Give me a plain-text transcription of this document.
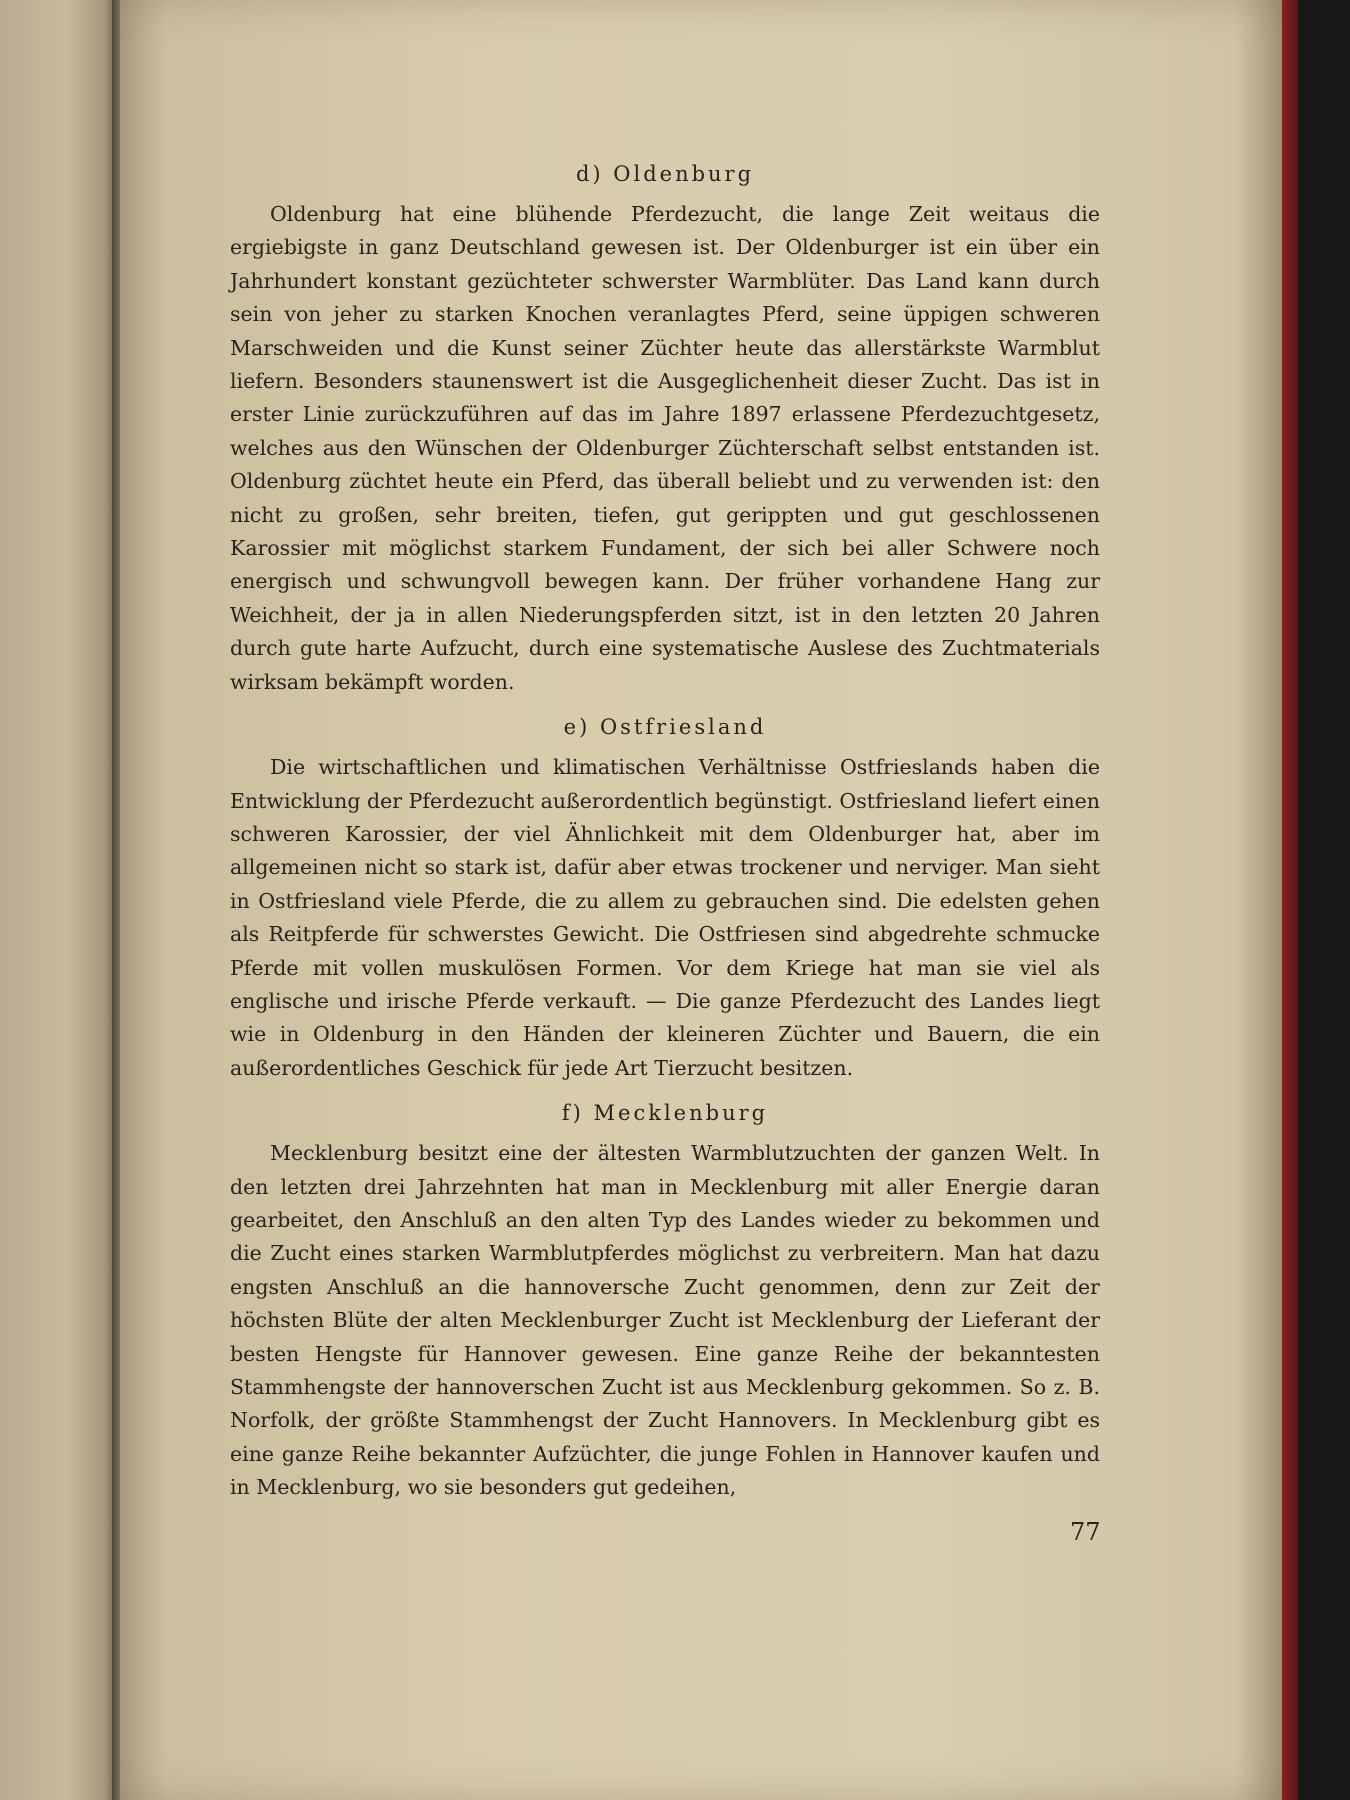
d) Oldenburg

Oldenburg hat eine blühende Pferdezucht, die lange Zeit weitaus die ergiebigste in ganz Deutschland gewesen ist. Der Oldenburger ist ein über ein Jahrhundert konstant gezüchteter schwerster Warmblüter. Das Land kann durch sein von jeher zu starken Knochen veranlagtes Pferd, seine üppigen schweren Marschweiden und die Kunst seiner Züchter heute das allerstärkste Warmblut liefern. Besonders staunenswert ist die Ausgeglichenheit dieser Zucht. Das ist in erster Linie zurückzuführen auf das im Jahre 1897 erlassene Pferdezuchtgesetz, welches aus den Wünschen der Oldenburger Züchterschaft selbst entstanden ist. Oldenburg züchtet heute ein Pferd, das überall beliebt und zu verwenden ist: den nicht zu großen, sehr breiten, tiefen, gut gerippten und gut geschlossenen Karossier mit möglichst starkem Fundament, der sich bei aller Schwere noch energisch und schwungvoll bewegen kann. Der früher vorhandene Hang zur Weichheit, der ja in allen Niederungspferden sitzt, ist in den letzten 20 Jahren durch gute harte Aufzucht, durch eine systematische Auslese des Zuchtmaterials wirksam bekämpft worden.

e) Ostfriesland

Die wirtschaftlichen und klimatischen Verhältnisse Ostfrieslands haben die Entwicklung der Pferdezucht außerordentlich begünstigt. Ostfriesland liefert einen schweren Karossier, der viel Ähnlichkeit mit dem Oldenburger hat, aber im allgemeinen nicht so stark ist, dafür aber etwas trockener und nerviger. Man sieht in Ostfriesland viele Pferde, die zu allem zu gebrauchen sind. Die edelsten gehen als Reitpferde für schwerstes Gewicht. Die Ostfriesen sind abgedrehte schmucke Pferde mit vollen muskulösen Formen. Vor dem Kriege hat man sie viel als englische und irische Pferde verkauft. — Die ganze Pferdezucht des Landes liegt wie in Oldenburg in den Händen der kleineren Züchter und Bauern, die ein außerordentliches Geschick für jede Art Tierzucht besitzen.

f) Mecklenburg

Mecklenburg besitzt eine der ältesten Warmblutzuchten der ganzen Welt. In den letzten drei Jahrzehnten hat man in Mecklenburg mit aller Energie daran gearbeitet, den Anschluß an den alten Typ des Landes wieder zu bekommen und die Zucht eines starken Warmblutpferdes möglichst zu verbreitern. Man hat dazu engsten Anschluß an die hannoversche Zucht genommen, denn zur Zeit der höchsten Blüte der alten Mecklenburger Zucht ist Mecklenburg der Lieferant der besten Hengste für Hannover gewesen. Eine ganze Reihe der bekanntesten Stammhengste der hannoverschen Zucht ist aus Mecklenburg gekommen. So z. B. Norfolk, der größte Stammhengst der Zucht Hannovers. In Mecklenburg gibt es eine ganze Reihe bekannter Aufzüchter, die junge Fohlen in Hannover kaufen und in Mecklenburg, wo sie besonders gut gedeihen,

77
